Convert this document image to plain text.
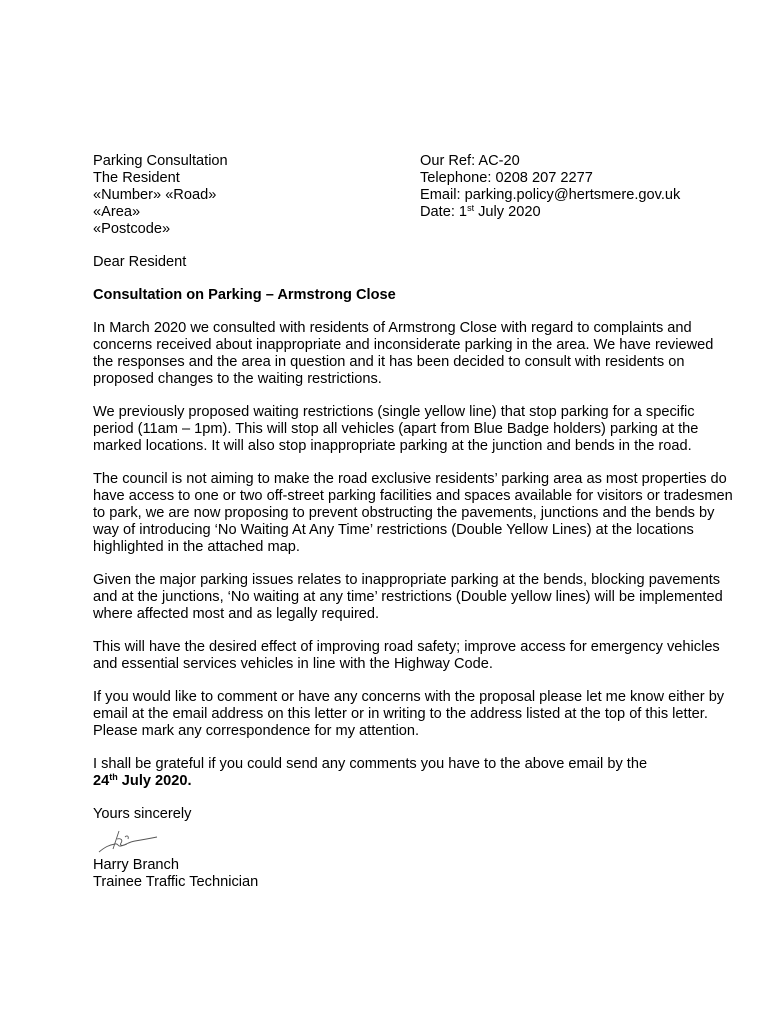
Parking Consultation
The Resident
«Number» «Road»
«Area»
«Postcode»
Our Ref: AC-20
Telephone: 0208 207 2277
Email: parking.policy@hertsmere.gov.uk
Date: 1st July 2020

Dear Resident

Consultation on Parking – Armstrong Close

In March 2020 we consulted with residents of Armstrong Close with regard to complaints and concerns received about inappropriate and inconsiderate parking in the area. We have reviewed the responses and the area in question and it has been decided to consult with residents on proposed changes to the waiting restrictions.

We previously proposed waiting restrictions (single yellow line) that stop parking for a specific period (11am – 1pm). This will stop all vehicles (apart from Blue Badge holders) parking at the marked locations. It will also stop inappropriate parking at the junction and bends in the road.

The council is not aiming to make the road exclusive residents’ parking area as most properties do have access to one or two off-street parking facilities and spaces available for visitors or tradesmen to park, we are now proposing to prevent obstructing the pavements, junctions and the bends by way of introducing ‘No Waiting At Any Time’ restrictions (Double Yellow Lines) at the locations highlighted in the attached map.

Given the major parking issues relates to inappropriate parking at the bends, blocking pavements and at the junctions, ‘No waiting at any time’ restrictions (Double yellow lines) will be implemented where affected most and as legally required.

This will have the desired effect of improving road safety; improve access for emergency vehicles and essential services vehicles in line with the Highway Code.

If you would like to comment or have any concerns with the proposal please let me know either by email at the email address on this letter or in writing to the address listed at the top of this letter. Please mark any correspondence for my attention.

I shall be grateful if you could send any comments you have to the above email by the
24th July 2020.

Yours sincerely

Harry Branch

Trainee Traffic Technician
